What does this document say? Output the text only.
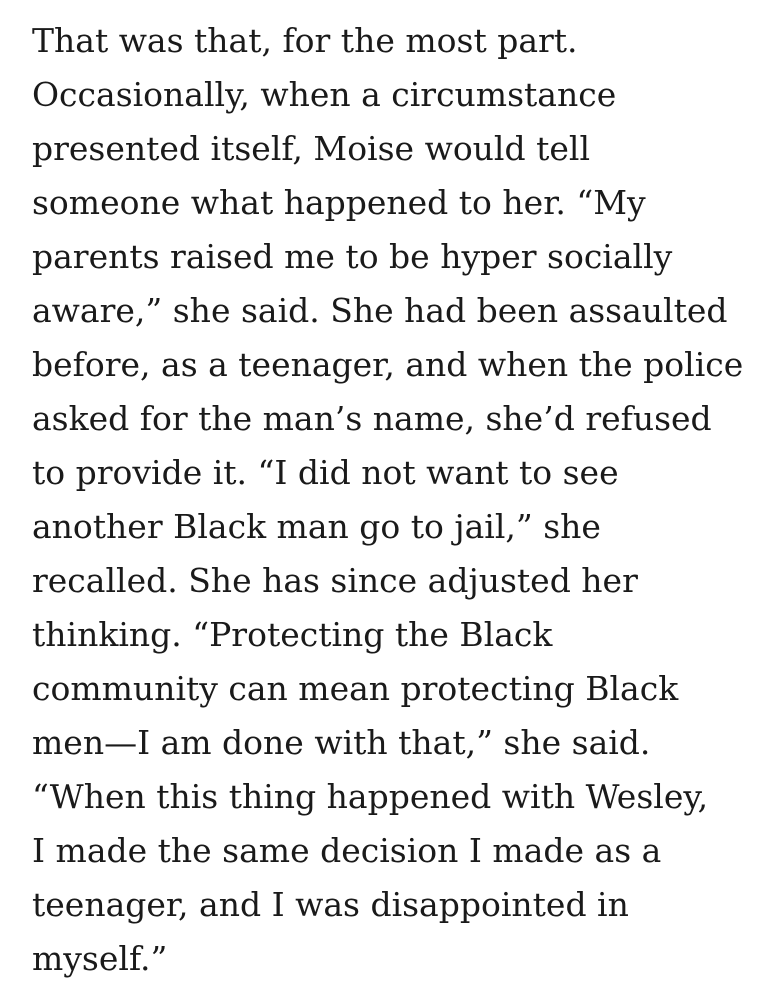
That was that, for the most part.
Occasionally, when a circumstance
presented itself, Moise would tell
someone what happened to her. “My
parents raised me to be hyper socially
aware,” she said. She had been assaulted
before, as a teenager, and when the police
asked for the man’s name, she’d refused
to provide it. “I did not want to see
another Black man go to jail,” she
recalled. She has since adjusted her
thinking. “Protecting the Black
community can mean protecting Black
men—I am done with that,” she said.
“When this thing happened with Wesley,
I made the same decision I made as a
teenager, and I was disappointed in
myself.”
